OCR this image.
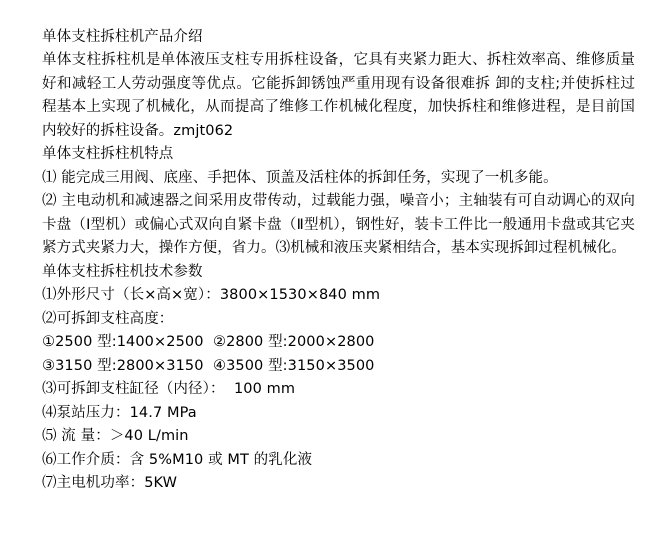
单体支柱拆柱机产品介绍

单体支柱拆柱机是单体液压支柱专用拆柱设备，它具有夹紧力距大、拆柱效率高、维修质量好和减轻工人劳动强度等优点。它能拆卸锈蚀严重用现有设备很难拆 卸的支柱;并使拆柱过程基本上实现了机械化，从而提高了维修工作机械化程度，加快拆柱和维修进程，是目前国内较好的拆柱设备。zmjt062

单体支柱拆柱机特点

⑴ 能完成三用阀、底座、手把体、顶盖及活柱体的拆卸任务，实现了一机多能。

⑵ 主电动机和减速器之间采用皮带传动，过载能力强，噪音小；主轴装有可自动调心的双向卡盘（Ⅰ型机）或偏心式双向自紧卡盘（Ⅱ型机），钢性好，装卡工件比一般通用卡盘或其它夹紧方式夹紧力大，操作方便，省力。⑶机械和液压夹紧相结合，基本实现拆卸过程机械化。

单体支柱拆柱机技术参数

⑴外形尺寸（长×高×宽）：3800×1530×840 mm

⑵可拆卸支柱高度：

①2500 型:1400×2500  ②2800 型:2000×2800

③3150 型:2800×3150  ④3500 型:3150×3500

⑶可拆卸支柱缸径（内径）：  100 mm

⑷泵站压力：14.7 MPa

⑸ 流 量：＞40 L/min

⑹工作介质：含 5%M10 或 MT 的乳化液

⑺主电机功率：5KW
